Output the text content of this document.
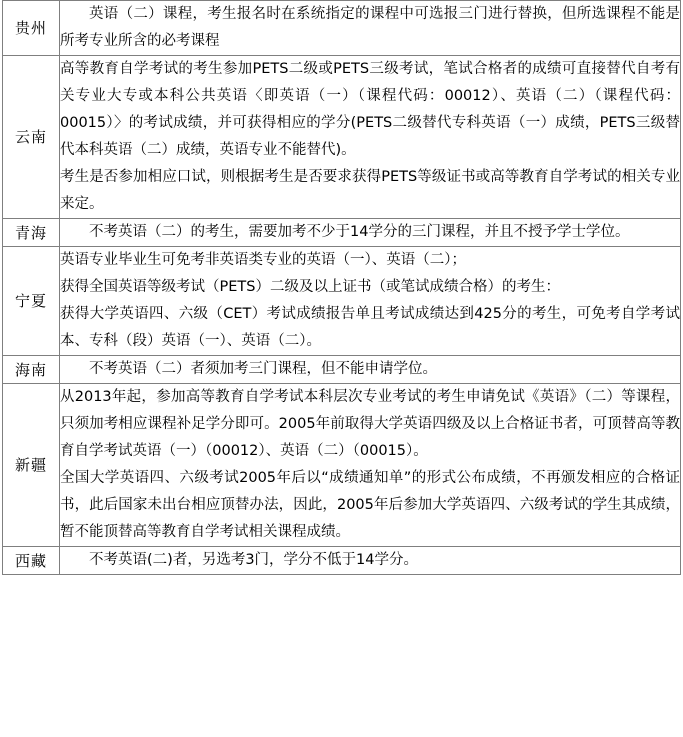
贵州	英语（二）课程，考生报名时在系统指定的课程中可选报三门进行替换，但所选课程不能是所考专业所含的必考课程

云南	高等教育自学考试的考生参加PETS二级或PETS三级考试，笔试合格者的成绩可直接替代自考有关专业大专或本科公共英语〈即英语（一）（课程代码：00012）、英语（二）（课程代码：00015）〉的考试成绩，并可获得相应的学分(PETS二级替代专科英语（一）成绩，PETS三级替代本科英语（二）成绩，英语专业不能替代)。

考生是否参加相应口试，则根据考生是否要求获得PETS等级证书或高等教育自学考试的相关专业来定。

青海	不考英语（二）的考生，需要加考不少于14学分的三门课程，并且不授予学士学位。

宁夏	英语专业毕业生可免考非英语类专业的英语（一）、英语（二）；

获得全国英语等级考试（PETS）二级及以上证书（或笔试成绩合格）的考生：

获得大学英语四、六级（CET）考试成绩报告单且考试成绩达到425分的考生，可免考自学考试本、专科（段）英语（一）、英语（二）。

海南	不考英语（二）者须加考三门课程，但不能申请学位。

新疆	从2013年起，参加高等教育自学考试本科层次专业考试的考生申请免试《英语》（二）等课程，只须加考相应课程补足学分即可。2005年前取得大学英语四级及以上合格证书者，可顶替高等教育自学考试英语（一）（00012）、英语（二）（00015）。

全国大学英语四、六级考试2005年后以“成绩通知单”的形式公布成绩，不再颁发相应的合格证书，此后国家未出台相应顶替办法，因此，2005年后参加大学英语四、六级考试的学生其成绩，暂不能顶替高等教育自学考试相关课程成绩。

西藏	不考英语(二)者，另选考3门，学分不低于14学分。
